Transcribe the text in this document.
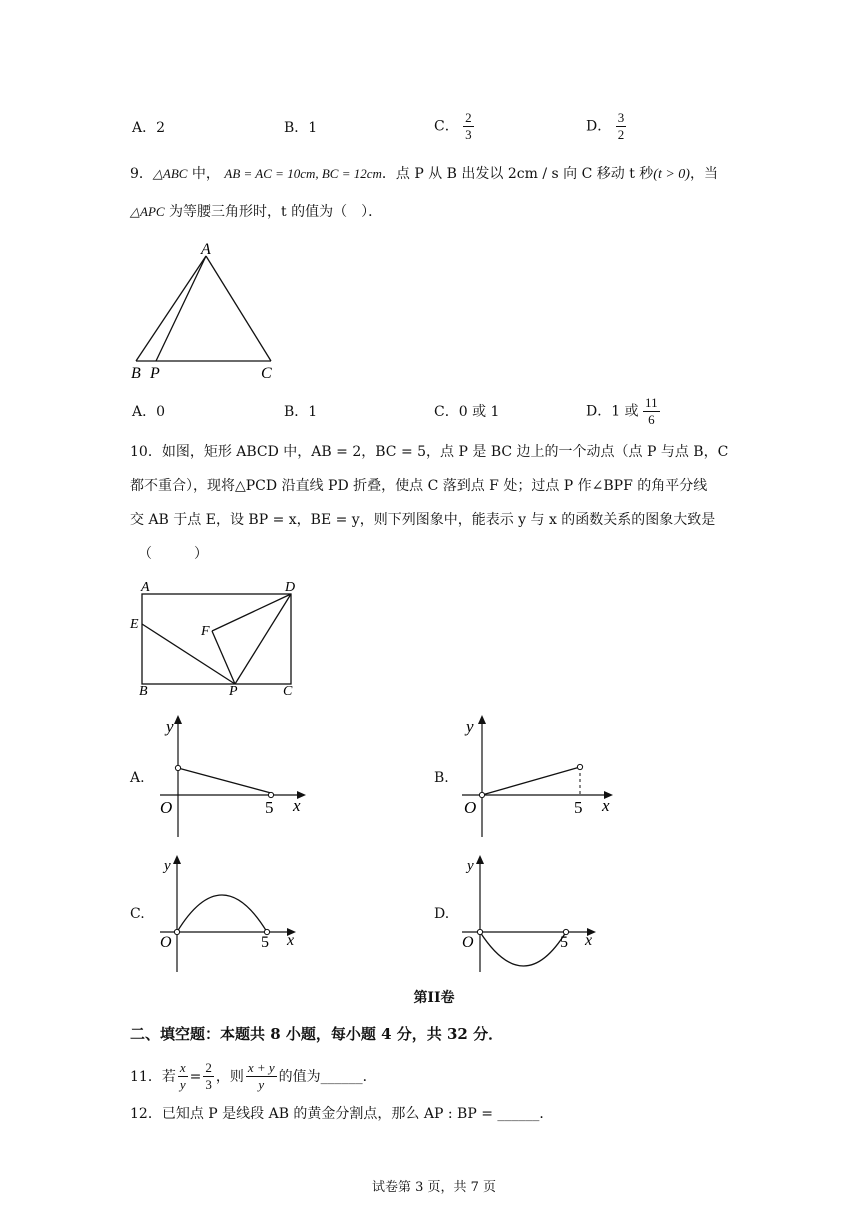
A．2	B．1	C． $\frac{2}{3}$	D． $\frac{3}{2}$
9．△ABC 中， AB = AC = 10cm, BC = 12cm．点 P 从 B 出发以 2cm / s 向 C 移动 t 秒(t > 0)，当
△APC 为等腰三角形时，t 的值为（　）．
A
B P	C
A．0	B．1	C．0 或 1	D．1 或 $\frac{11}{6}$
10．如图，矩形 ABCD 中，AB = 2，BC = 5，点 P 是 BC 边上的一个动点（点 P 与点 B，C
都不重合），现将△PCD 沿直线 PD 折叠，使点 C 落到点 F 处；过点 P 作∠BPF 的角平分线
交 AB 于点 E，设 BP = x，BE = y，则下列图象中，能表示 y 与 x 的函数关系的图象大致是
（　　　）
A	D
E	F
B	P	C
A.
y
O	5 x
B.
y
O	5 x
C.
y
O	5 x
D.
y
O	5 x
第II卷
二、填空题：本题共 8 小题，每小题 4 分，共 32 分．
11．若 $\frac{x}{y} = \frac{2}{3}$ ，则 $\frac{x + y}{y}$ 的值为______．
12．已知点 P 是线段 AB 的黄金分割点，那么 AP : BP = ______．
试卷第 3 页，共 7 页
